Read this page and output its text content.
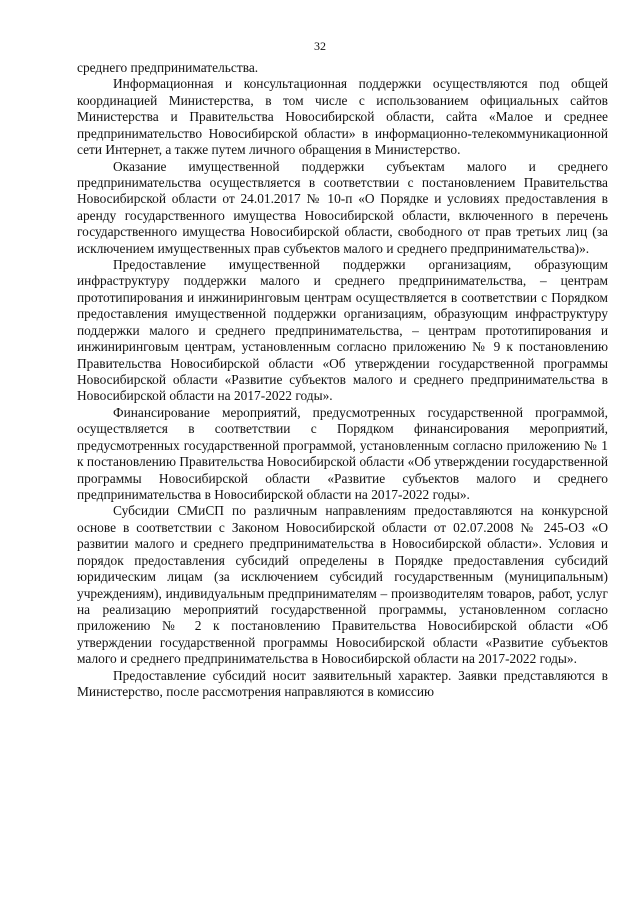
32

среднего предпринимательства.

Информационная и консультационная поддержки осуществляются под общей координацией Министерства, в том числе с использованием официальных сайтов Министерства и Правительства Новосибирской области, сайта «Малое и среднее предпринимательство Новосибирской области» в информационно-телекоммуникационной сети Интернет, а также путем личного обращения в Министерство.

Оказание имущественной поддержки субъектам малого и среднего предпринимательства осуществляется в соответствии с постановлением Правительства Новосибирской области от 24.01.2017 № 10-п «О Порядке и условиях предоставления в аренду государственного имущества Новосибирской области, включенного в перечень государственного имущества Новосибирской области, свободного от прав третьих лиц (за исключением имущественных прав субъектов малого и среднего предпринимательства)».

Предоставление имущественной поддержки организациям, образующим инфраструктуру поддержки малого и среднего предпринимательства, – центрам прототипирования и инжиниринговым центрам осуществляется в соответствии с Порядком предоставления имущественной поддержки организациям, образующим инфраструктуру поддержки малого и среднего предпринимательства, – центрам прототипирования и инжиниринговым центрам, установленным согласно приложению № 9 к постановлению Правительства Новосибирской области «Об утверждении государственной программы Новосибирской области «Развитие субъектов малого и среднего предпринимательства в Новосибирской области на 2017-2022 годы».

Финансирование мероприятий, предусмотренных государственной программой, осуществляется в соответствии с Порядком финансирования мероприятий, предусмотренных государственной программой, установленным согласно приложению № 1 к постановлению Правительства Новосибирской области «Об утверждении государственной программы Новосибирской области «Развитие субъектов малого и среднего предпринимательства в Новосибирской области на 2017-2022 годы».

Субсидии СМиСП по различным направлениям предоставляются на конкурсной основе в соответствии с Законом Новосибирской области от 02.07.2008 № 245-ОЗ «О развитии малого и среднего предпринимательства в Новосибирской области». Условия и порядок предоставления субсидий определены в Порядке предоставления субсидий юридическим лицам (за исключением субсидий государственным (муниципальным) учреждениям), индивидуальным предпринимателям – производителям товаров, работ, услуг на реализацию мероприятий государственной программы, установленном согласно приложению № 2 к постановлению Правительства Новосибирской области «Об утверждении государственной программы Новосибирской области «Развитие субъектов малого и среднего предпринимательства в Новосибирской области на 2017-2022 годы».

Предоставление субсидий носит заявительный характер. Заявки представляются в Министерство, после рассмотрения направляются в комиссию
